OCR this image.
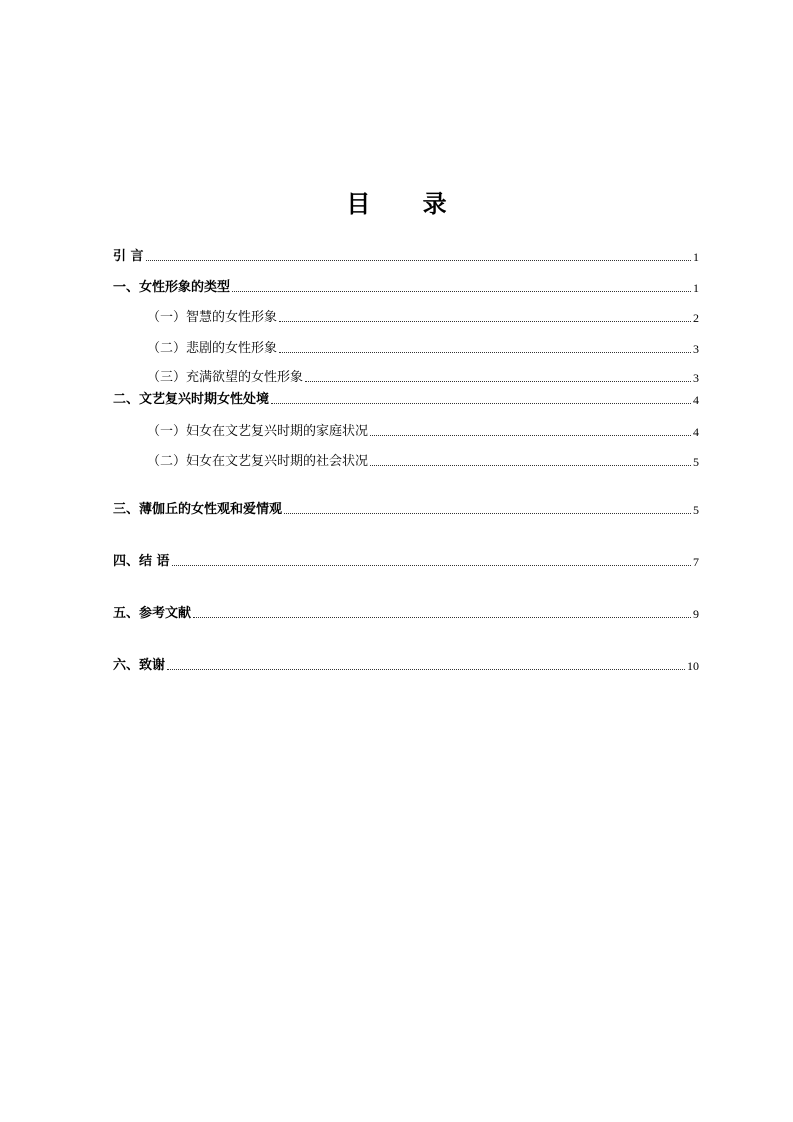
目 录
引 言	1
一、女性形象的类型	1
（一）智慧的女性形象	2
（二）悲剧的女性形象	3
（三）充满欲望的女性形象	3
二、文艺复兴时期女性处境	4
（一）妇女在文艺复兴时期的家庭状况	4
（二）妇女在文艺复兴时期的社会状况	5
三、薄伽丘的女性观和爱情观	5
四、结 语	7
五、参考文献	9
六、致谢	10
